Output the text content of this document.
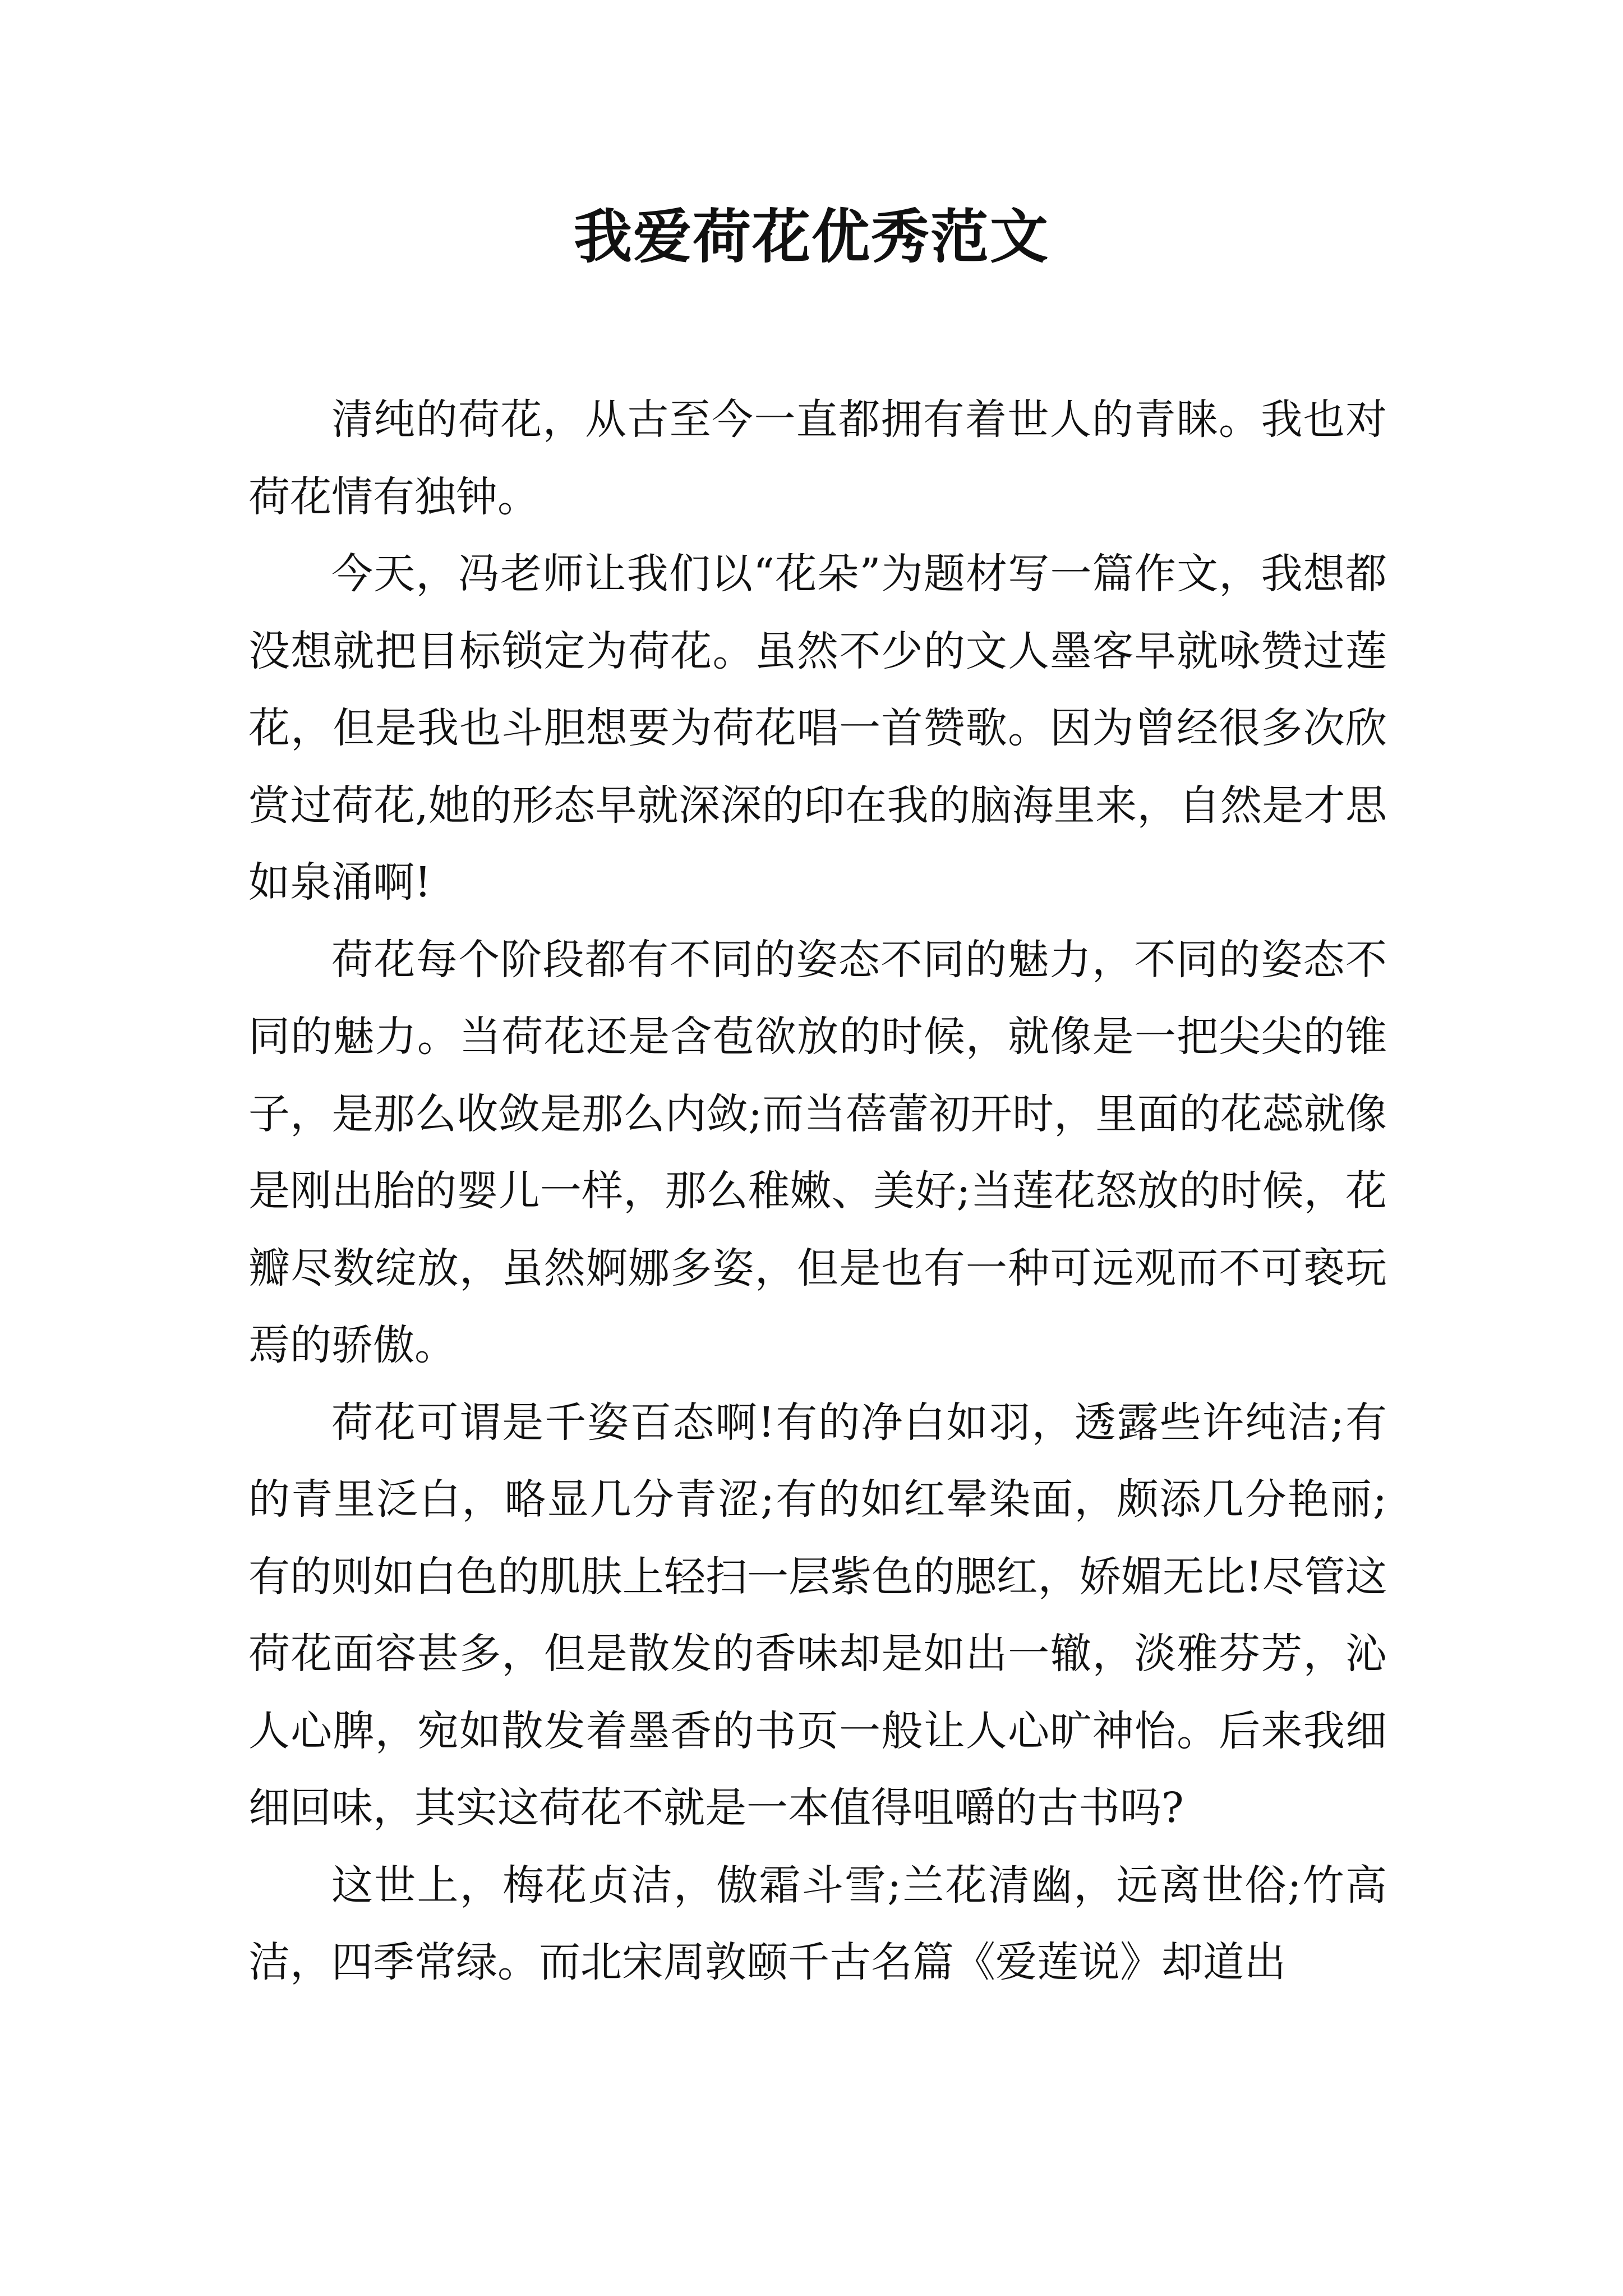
我爱荷花优秀范文

清纯的荷花，从古至今一直都拥有着世人的青睐。我也对荷花情有独钟。

今天，冯老师让我们以“花朵”为题材写一篇作文，我想都没想就把目标锁定为荷花。虽然不少的文人墨客早就咏赞过莲花，但是我也斗胆想要为荷花唱一首赞歌。因为曾经很多次欣赏过荷花,她的形态早就深深的印在我的脑海里来，自然是才思如泉涌啊!

荷花每个阶段都有不同的姿态不同的魅力，不同的姿态不同的魅力。当荷花还是含苞欲放的时候，就像是一把尖尖的锥子，是那么收敛是那么内敛;而当蓓蕾初开时，里面的花蕊就像是刚出胎的婴儿一样，那么稚嫩、美好;当莲花怒放的时候，花瓣尽数绽放，虽然婀娜多姿，但是也有一种可远观而不可亵玩焉的骄傲。

荷花可谓是千姿百态啊!有的净白如羽，透露些许纯洁;有的青里泛白，略显几分青涩;有的如红晕染面，颇添几分艳丽;有的则如白色的肌肤上轻扫一层紫色的腮红，娇媚无比!尽管这荷花面容甚多，但是散发的香味却是如出一辙，淡雅芬芳，沁人心脾，宛如散发着墨香的书页一般让人心旷神怡。后来我细细回味，其实这荷花不就是一本值得咀嚼的古书吗?

这世上，梅花贞洁，傲霜斗雪;兰花清幽，远离世俗;竹高洁，四季常绿。而北宋周敦颐千古名篇《爱莲说》却道出
